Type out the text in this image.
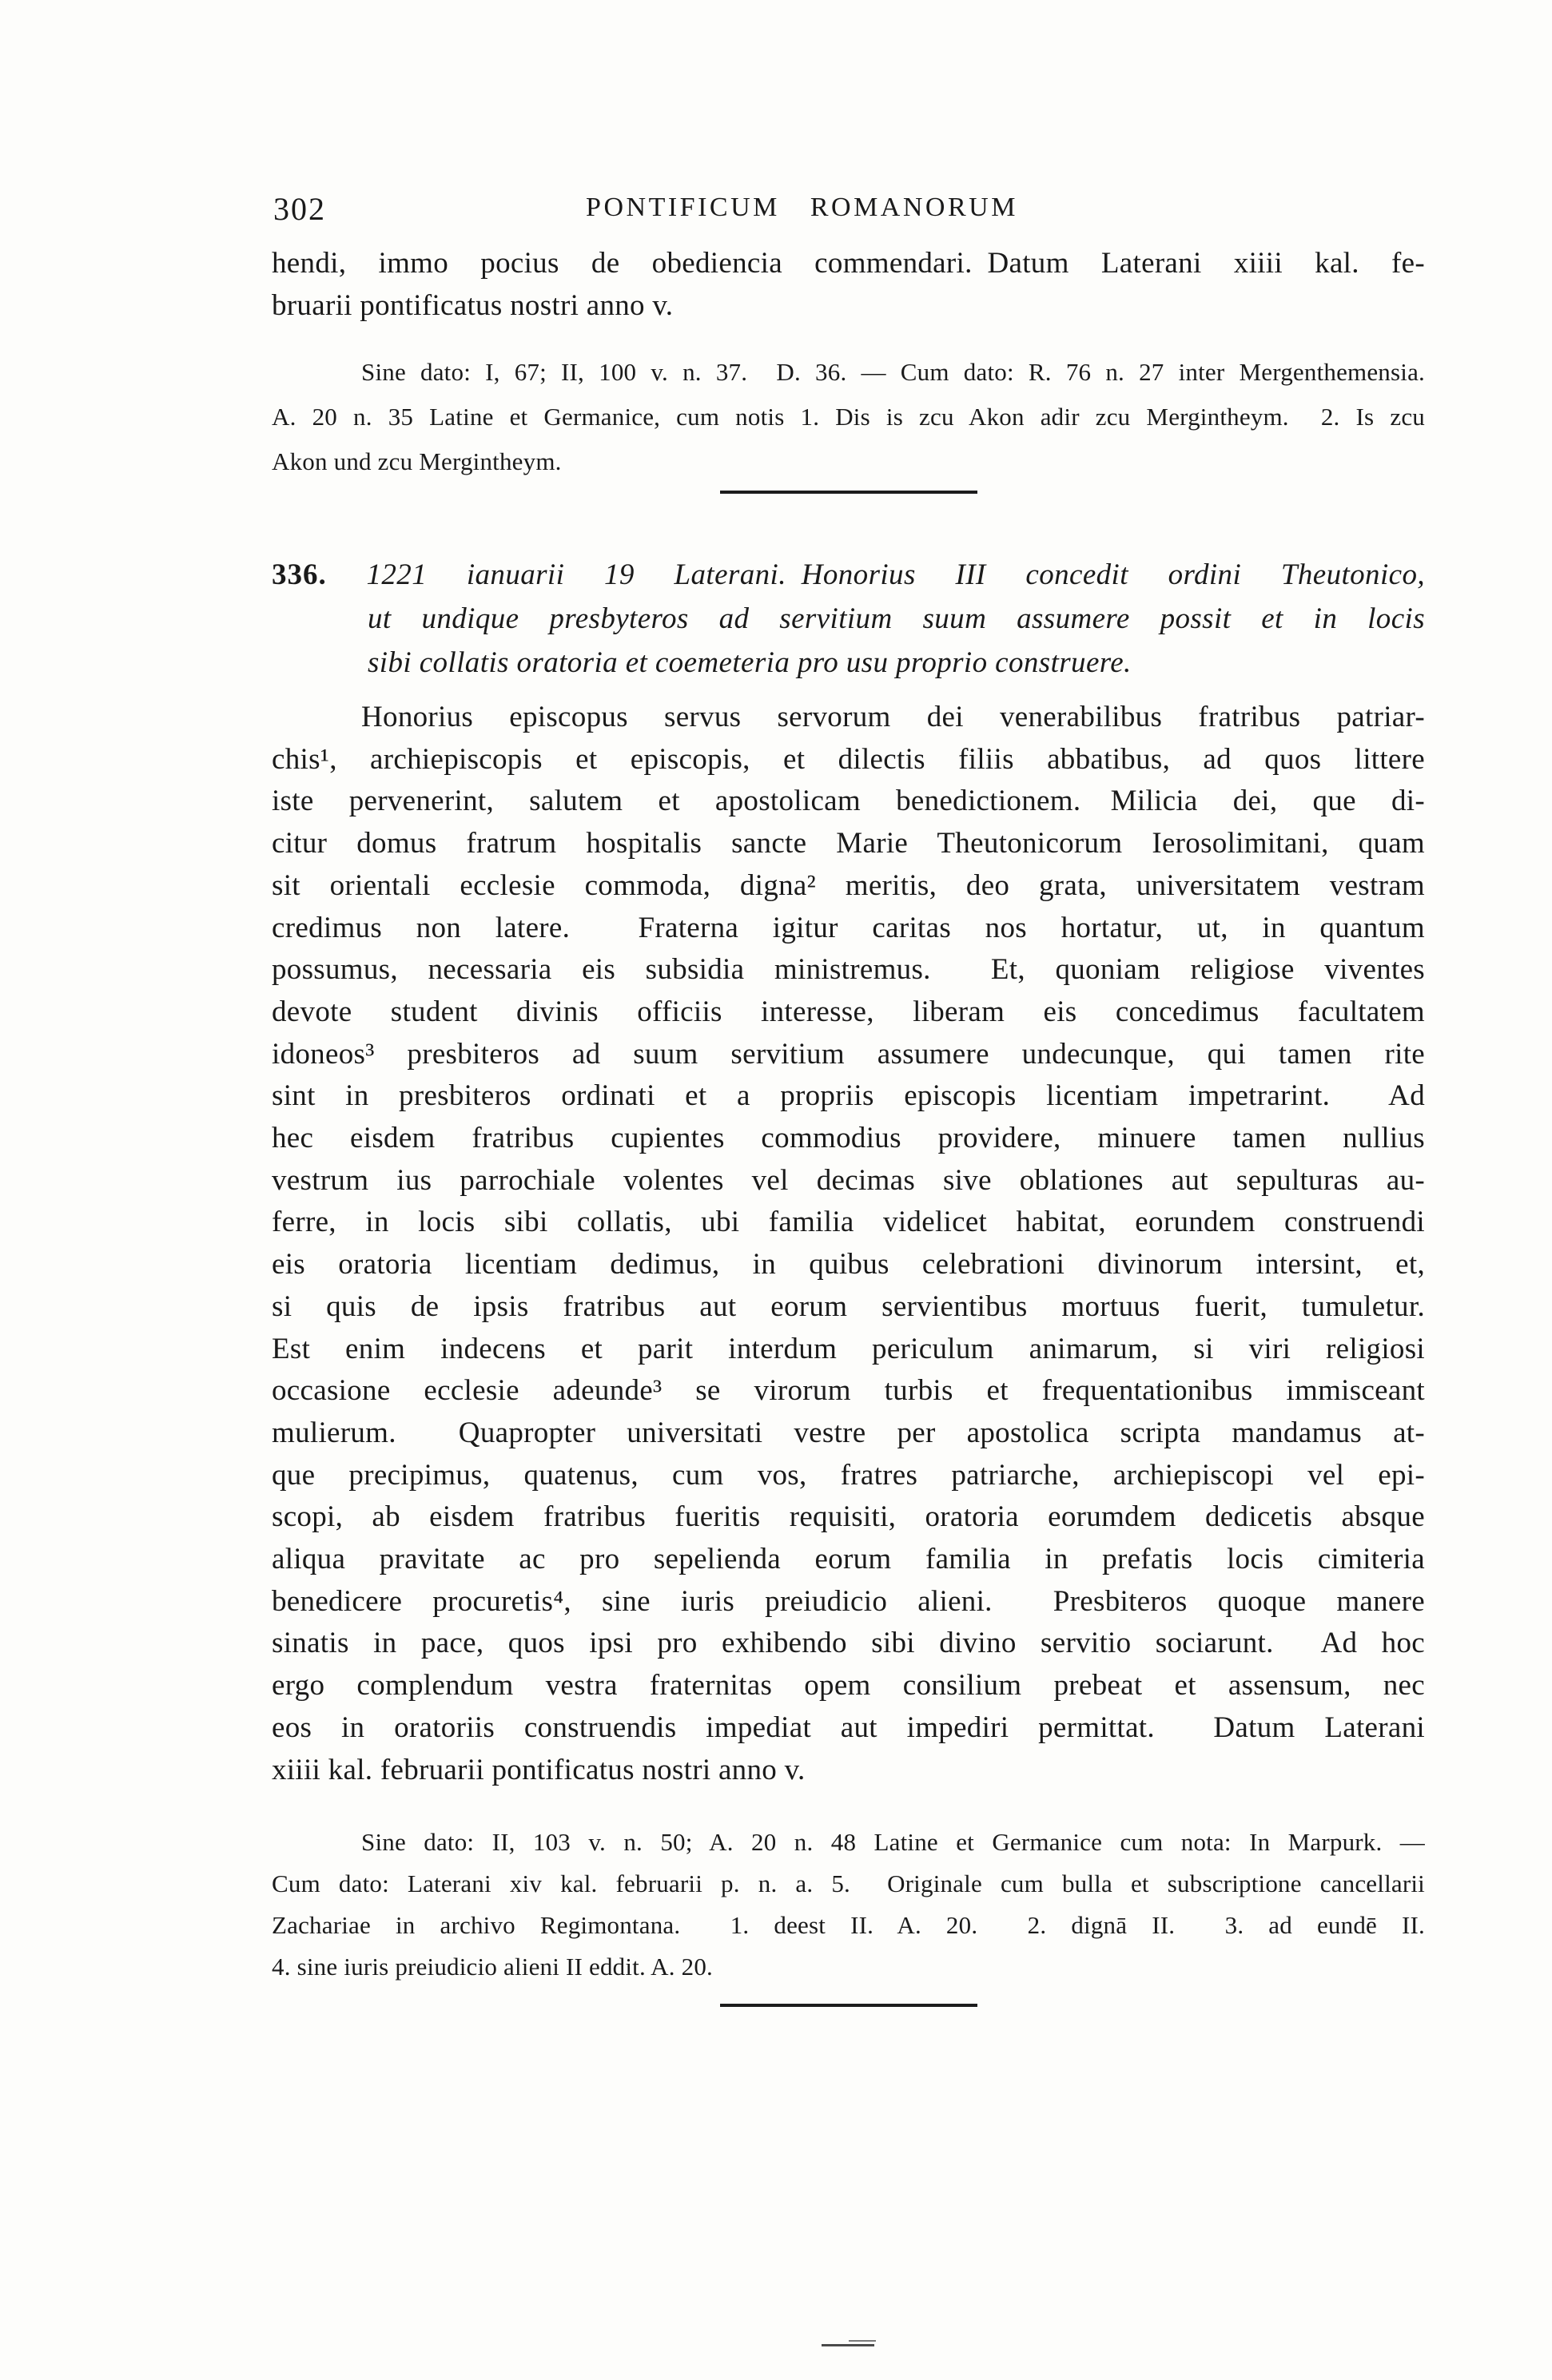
302	PONTIFICUM ROMANORUM
hendi, immo pocius de obediencia commendari. Datum Laterani xiiii kal. fe-
bruarii pontificatus nostri anno v.
Sine dato: I, 67; II, 100 v. n. 37.  D. 36. — Cum dato: R. 76 n. 27 inter Mergenthemensia.
A. 20 n. 35 Latine et Germanice, cum notis 1. Dis is zcu Akon adir zcu Mergintheym.  2. Is zcu
Akon und zcu Mergintheym.
336. 1221 ianuarii 19 Laterani. Honorius III concedit ordini Theutonico,
ut undique presbyteros ad servitium suum assumere possit et in locis
sibi collatis oratoria et coemeteria pro usu proprio construere.
Honorius episcopus servus servorum dei venerabilibus fratribus patriar-
chis¹, archiepiscopis et episcopis, et dilectis filiis abbatibus, ad quos littere
iste pervenerint, salutem et apostolicam benedictionem. Milicia dei, que di-
citur domus fratrum hospitalis sancte Marie Theutonicorum Ierosolimitani, quam
sit orientali ecclesie commoda, digna² meritis, deo grata, universitatem vestram
credimus non latere.  Fraterna igitur caritas nos hortatur, ut, in quantum
possumus, necessaria eis subsidia ministremus.  Et, quoniam religiose viventes
devote student divinis officiis interesse, liberam eis concedimus facultatem
idoneos³ presbiteros ad suum servitium assumere undecunque, qui tamen rite
sint in presbiteros ordinati et a propriis episcopis licentiam impetrarint.  Ad
hec eisdem fratribus cupientes commodius providere, minuere tamen nullius
vestrum ius parrochiale volentes vel decimas sive oblationes aut sepulturas au-
ferre, in locis sibi collatis, ubi familia videlicet habitat, eorundem construendi
eis oratoria licentiam dedimus, in quibus celebrationi divinorum intersint, et,
si quis de ipsis fratribus aut eorum servientibus mortuus fuerit, tumuletur.
Est enim indecens et parit interdum periculum animarum, si viri religiosi
occasione ecclesie adeunde³ se virorum turbis et frequentationibus immisceant
mulierum.  Quapropter universitati vestre per apostolica scripta mandamus at-
que precipimus, quatenus, cum vos, fratres patriarche, archiepiscopi vel epi-
scopi, ab eisdem fratribus fueritis requisiti, oratoria eorumdem dedicetis absque
aliqua pravitate ac pro sepelienda eorum familia in prefatis locis cimiteria
benedicere procuretis⁴, sine iuris preiudicio alieni.  Presbiteros quoque manere
sinatis in pace, quos ipsi pro exhibendo sibi divino servitio sociarunt.  Ad hoc
ergo complendum vestra fraternitas opem consilium prebeat et assensum, nec
eos in oratoriis construendis impediat aut impediri permittat.  Datum Laterani
xiiii kal. februarii pontificatus nostri anno v.
Sine dato: II, 103 v. n. 50; A. 20 n. 48 Latine et Germanice cum nota: In Marpurk. —
Cum dato: Laterani xiv kal. februarii p. n. a. 5.  Originale cum bulla et subscriptione cancellarii
Zachariae in archivo Regimontana.  1. deest II. A. 20.  2. dignā II.  3. ad eundē II.
4. sine iuris preiudicio alieni II eddit. A. 20.
